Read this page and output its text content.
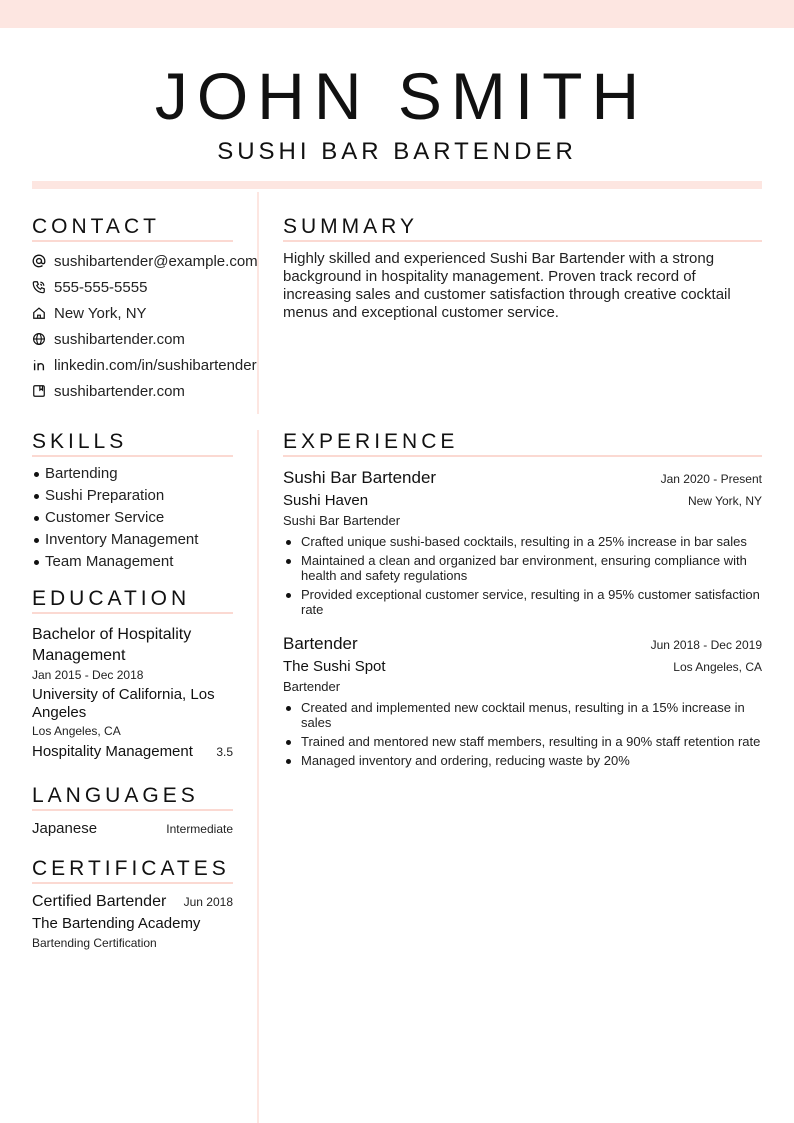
JOHN SMITH
SUSHI BAR BARTENDER
CONTACT
sushibartender@example.com
555-555-5555
New York, NY
sushibartender.com
linkedin.com/in/sushibartender
sushibartender.com
SUMMARY
Highly skilled and experienced Sushi Bar Bartender with a strong background in hospitality management. Proven track record of increasing sales and customer satisfaction through creative cocktail menus and exceptional customer service.
SKILLS
Bartending
Sushi Preparation
Customer Service
Inventory Management
Team Management
EDUCATION
Bachelor of Hospitality Management
Jan 2015 - Dec 2018
University of California, Los Angeles
Los Angeles, CA
Hospitality Management 3.5
LANGUAGES
Japanese	Intermediate
CERTIFICATES
Certified Bartender Jun 2018
The Bartending Academy
Bartending Certification
EXPERIENCE
Sushi Bar Bartender	Jan 2020 - Present
Sushi Haven	New York, NY
Sushi Bar Bartender
Crafted unique sushi-based cocktails, resulting in a 25% increase in bar sales
Maintained a clean and organized bar environment, ensuring compliance with health and safety regulations
Provided exceptional customer service, resulting in a 95% customer satisfaction rate
Bartender	Jun 2018 - Dec 2019
The Sushi Spot	Los Angeles, CA
Bartender
Created and implemented new cocktail menus, resulting in a 15% increase in sales
Trained and mentored new staff members, resulting in a 90% staff retention rate
Managed inventory and ordering, reducing waste by 20%
